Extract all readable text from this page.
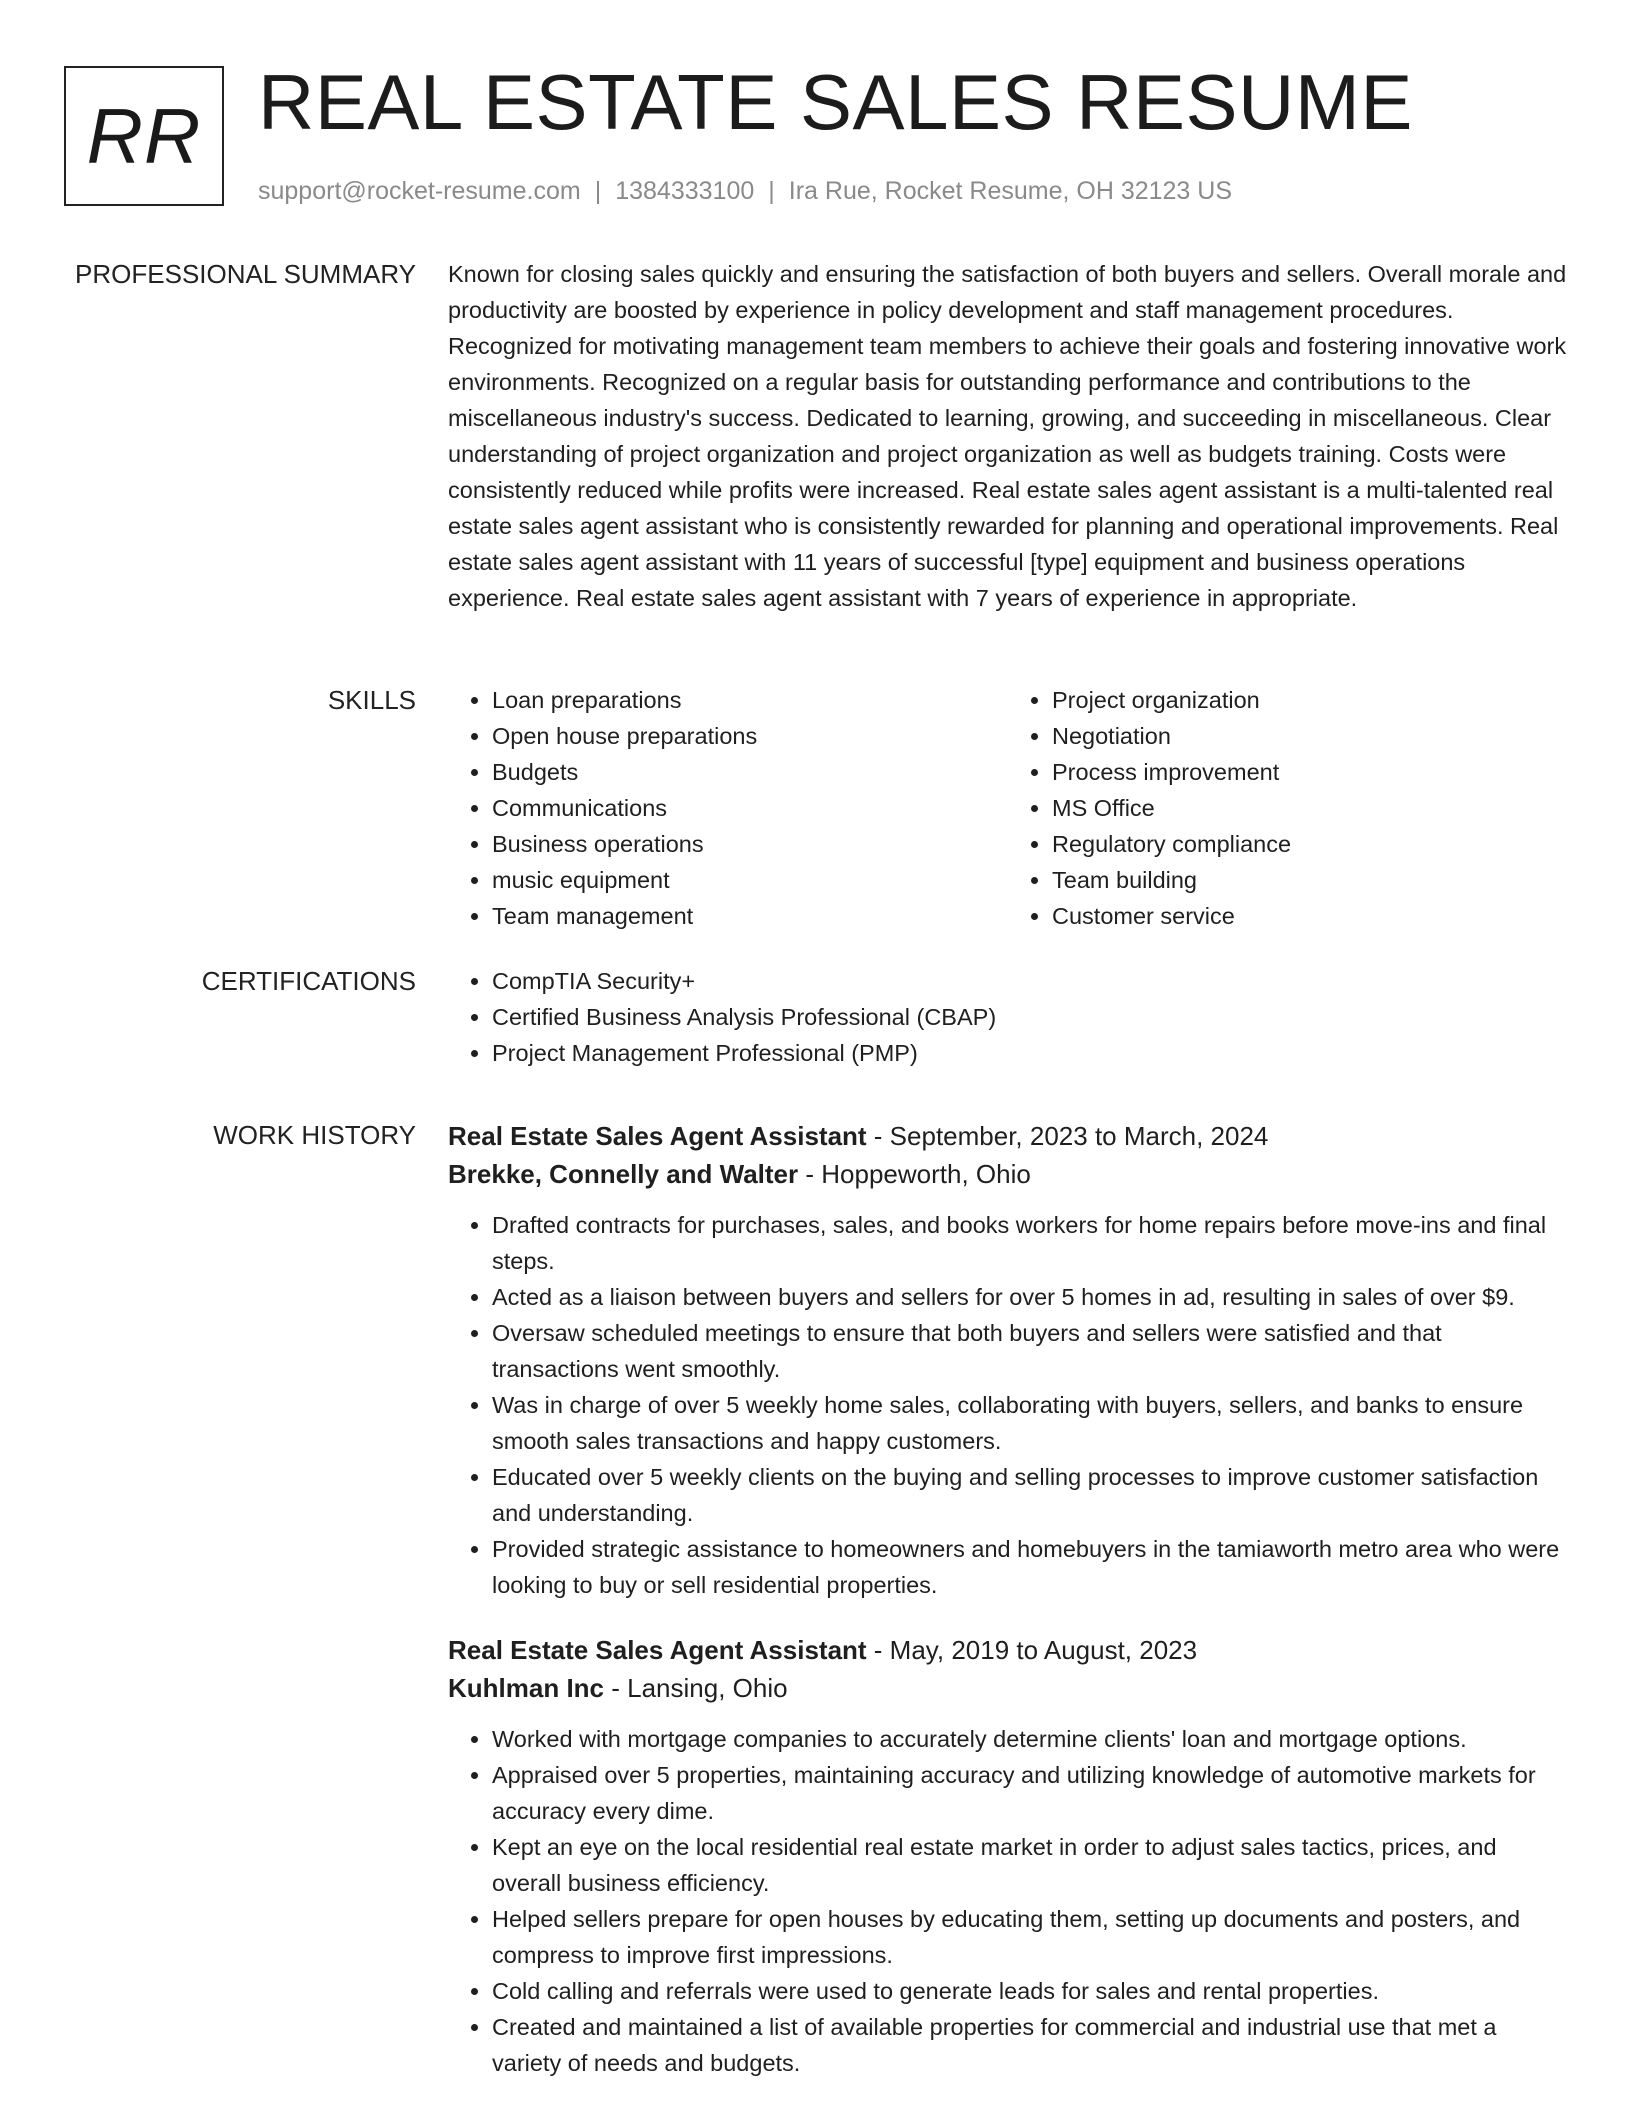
RR REAL ESTATE SALES RESUME
support@rocket-resume.com | 1384333100 | Ira Rue, Rocket Resume, OH 32123 US
PROFESSIONAL SUMMARY Known for closing sales quickly and ensuring the satisfaction of both buyers and sellers. Overall morale and productivity are boosted by experience in policy development and staff management procedures. Recognized for motivating management team members to achieve their goals and fostering innovative work environments. Recognized on a regular basis for outstanding performance and contributions to the miscellaneous industry's success. Dedicated to learning, growing, and succeeding in miscellaneous. Clear understanding of project organization and project organization as well as budgets training. Costs were consistently reduced while profits were increased. Real estate sales agent assistant is a multi-talented real estate sales agent assistant who is consistently rewarded for planning and operational improvements. Real estate sales agent assistant with 11 years of successful [type] equipment and business operations experience. Real estate sales agent assistant with 7 years of experience in appropriate.
SKILLS	• Loan preparations
• Open house preparations
• Budgets
• Communications
• Business operations
• music equipment
• Team management
• Project organization
• Negotiation
• Process improvement
• MS Office
• Regulatory compliance
• Team building
• Customer service
CERTIFICATIONS	• CompTIA Security+
• Certified Business Analysis Professional (CBAP)
• Project Management Professional (PMP)
WORK HISTORY Real Estate Sales Agent Assistant - September, 2023 to March, 2024
Brekke, Connelly and Walter - Hoppeworth, Ohio
• Drafted contracts for purchases, sales, and books workers for home repairs before move-ins and final steps.
• Acted as a liaison between buyers and sellers for over 5 homes in ad, resulting in sales of over $9.
• Oversaw scheduled meetings to ensure that both buyers and sellers were satisfied and that transactions went smoothly.
• Was in charge of over 5 weekly home sales, collaborating with buyers, sellers, and banks to ensure smooth sales transactions and happy customers.
• Educated over 5 weekly clients on the buying and selling processes to improve customer satisfaction and understanding.
• Provided strategic assistance to homeowners and homebuyers in the tamiaworth metro area who were looking to buy or sell residential properties.
Real Estate Sales Agent Assistant - May, 2019 to August, 2023
Kuhlman Inc - Lansing, Ohio
• Worked with mortgage companies to accurately determine clients' loan and mortgage options.
• Appraised over 5 properties, maintaining accuracy and utilizing knowledge of automotive markets for accuracy every dime.
• Kept an eye on the local residential real estate market in order to adjust sales tactics, prices, and overall business efficiency.
• Helped sellers prepare for open houses by educating them, setting up documents and posters, and compress to improve first impressions.
• Cold calling and referrals were used to generate leads for sales and rental properties.
• Created and maintained a list of available properties for commercial and industrial use that met a variety of needs and budgets.
